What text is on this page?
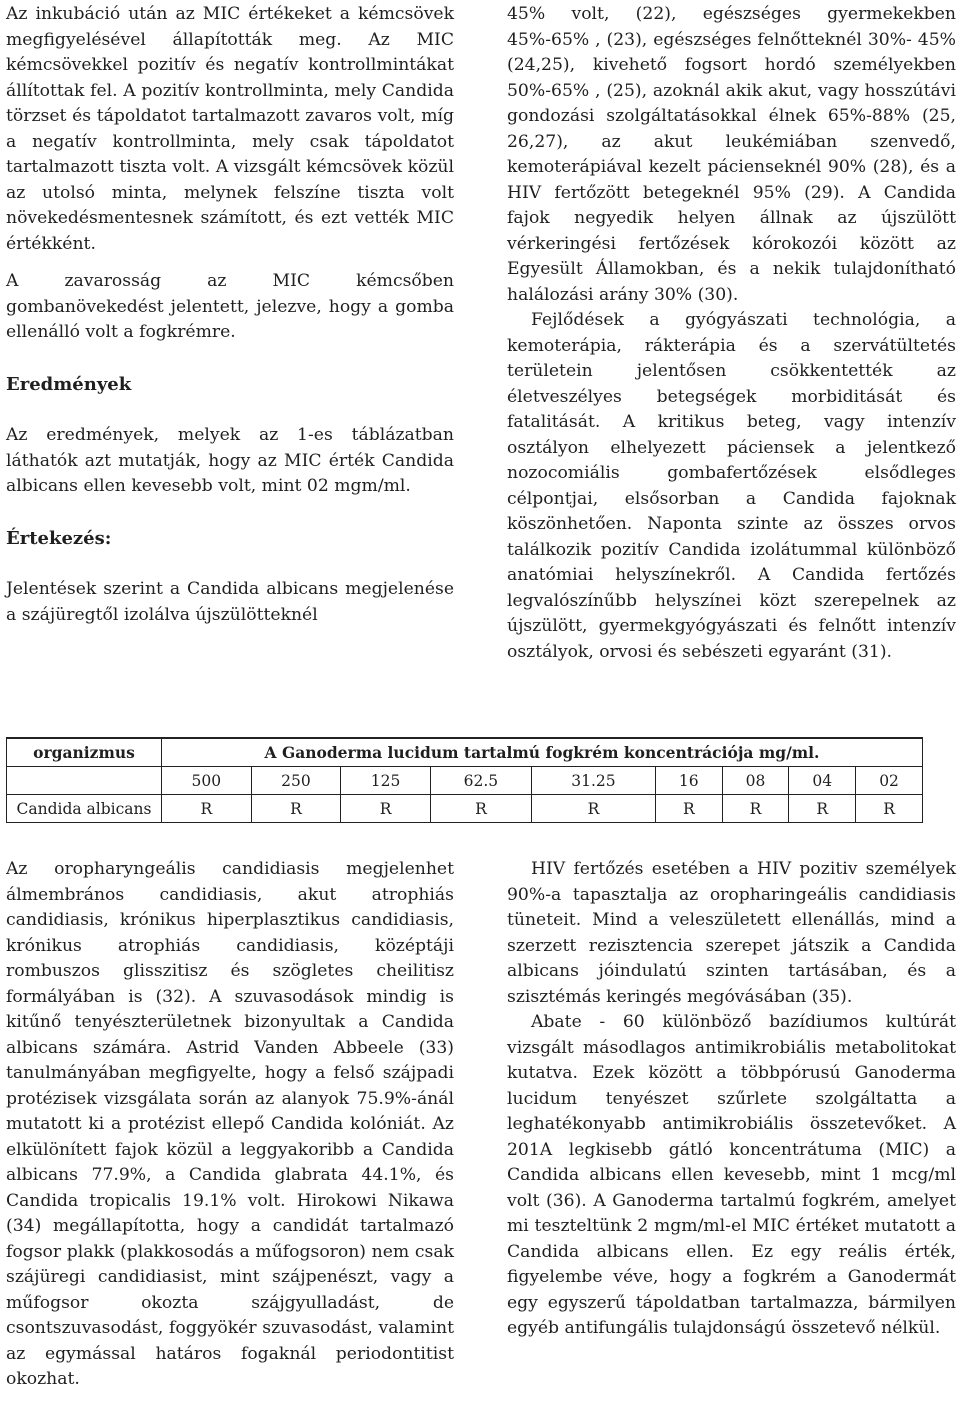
Az inkubáció után az MIC értékeket a kémcsövek megfigyelésével állapították meg. Az MIC kémcsövekkel pozitív és negatív kontrollmintákat állítottak fel. A pozitív kontrollminta, mely Candida törzset és tápoldatot tartalmazott zavaros volt, míg a negatív kontrollminta, mely csak tápoldatot tartalmazott tiszta volt. A vizsgált kémcsövek közül az utolsó minta, melynek felszíne tiszta volt növekedésmentesnek számított, és ezt vették MIC értékként.

A zavarosság az MIC kémcsőben gombanövekedést jelentett, jelezve, hogy a gomba ellenálló volt a fogkrémre.

Eredmények

Az eredmények, melyek az 1-es táblázatban láthatók azt mutatják, hogy az MIC érték Candida albicans ellen kevesebb volt, mint 02 mgm/ml.

Értekezés:

Jelentések szerint a Candida albicans megjelenése a szájüregtől izolálva újszülötteknél

45% volt, (22), egészséges gyermekekben 45%-65% , (23), egészséges felnőtteknél 30%- 45% (24,25), kivehető fogsort hordó személyekben 50%-65% , (25), azoknál akik akut, vagy hosszútávi gondozási szolgáltatásokkal élnek 65%-88% (25, 26,27), az akut leukémiában szenvedő, kemoterápiával kezelt pácienseknél 90% (28), és a HIV fertőzött betegeknél 95% (29). A Candida fajok negyedik helyen állnak az újszülött vérkeringési fertőzések kórokozói között az Egyesült Államokban, és a nekik tulajdonítható halálozási arány 30% (30).

Fejlődések a gyógyászati technológia, a kemoterápia, rákterápia és a szervátültetés területein jelentősen csökkentették az életveszélyes betegségek morbiditását és fatalitását. A kritikus beteg, vagy intenzív osztályon elhelyezett páciensek a jelentkező nozocomiális gombafertőzések elsődleges célpontjai, elsősorban a Candida fajoknak köszönhetően. Naponta szinte az összes orvos találkozik pozitív Candida izolátummal különböző anatómiai helyszínekről. A Candida fertőzés legvalószínűbb helyszínei közt szerepelnek az újszülött, gyermekgyógyászati és felnőtt intenzív osztályok, orvosi és sebészeti egyaránt (31).

organizmus	A Ganoderma lucidum tartalmú fogkrém koncentrációja mg/ml.								
	500	250	125	62.5	31.25	16	08	04	02
Candida albicans	R	R	R	R	R	R	R	R	R

Az oropharyngeális candidiasis megjelenhet álmembrános candidiasis, akut atrophiás candidiasis, krónikus hiperplasztikus candidiasis, krónikus atrophiás candidiasis, középtáji rombuszos glisszitisz és szögletes cheilitisz formályában is (32). A szuvasodások mindig is kitűnő tenyészterületnek bizonyultak a Candida albicans számára. Astrid Vanden Abbeele (33) tanulmányában megfigyelte, hogy a felső szájpadi protézisek vizsgálata során az alanyok 75.9%-ánál mutatott ki a protézist ellepő Candida kolóniát. Az elkülönített fajok közül a leggyakoribb a Candida albicans 77.9%, a Candida glabrata 44.1%, és Candida tropicalis 19.1% volt. Hirokowi Nikawa (34) megállapította, hogy a candidát tartalmazó fogsor plakk (plakkosodás a műfogsoron) nem csak szájüregi candidiasist, mint szájpenészt, vagy a műfogsor okozta szájgyulladást, de csontszuvasodást, foggyökér szuvasodást, valamint az egymással határos fogaknál periodontitist okozhat.

HIV fertőzés esetében a HIV pozitiv személyek 90%-a tapasztalja az oropharingeális candidiasis tüneteit. Mind a veleszületett ellenállás, mind a szerzett rezisztencia szerepet játszik a Candida albicans jóindulatú szinten tartásában, és a szisztémás keringés megóvásában (35).

Abate - 60 különböző bazídiumos kultúrát vizsgált másodlagos antimikrobiális metabolitokat kutatva. Ezek között a többpórusú Ganoderma lucidum tenyészet szűrlete szolgáltatta a leghatékonyabb antimikrobiális összetevőket. A 201A legkisebb gátló koncentrátuma (MIC) a Candida albicans ellen kevesebb, mint 1 mcg/ml volt (36). A Ganoderma tartalmú fogkrém, amelyet mi teszteltünk 2 mgm/ml-el MIC értéket mutatott a Candida albicans ellen. Ez egy reális érték, figyelembe véve, hogy a fogkrém a Ganodermát egy egyszerű tápoldatban tartalmazza, bármilyen egyéb antifungális tulajdonságú összetevő nélkül.
